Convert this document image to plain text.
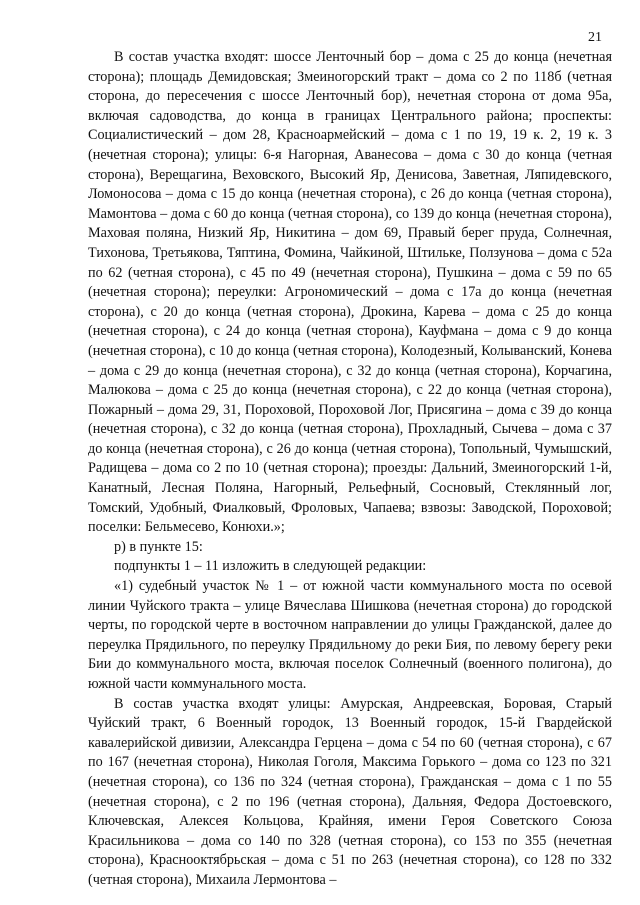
21

В состав участка входят: шоссе Ленточный бор – дома с 25 до конца (нечетная сторона); площадь Демидовская; Змеиногорский тракт – дома со 2 по 118б (четная сторона, до пересечения с шоссе Ленточный бор), нечетная сторона от дома 95а, включая садоводства, до конца в границах Центрального района; проспекты: Социалистический – дом 28, Красноармейский – дома с 1 по 19, 19 к. 2, 19 к. 3 (нечетная сторона); улицы: 6-я Нагорная, Аванесова – дома с 30 до конца (четная сторона), Верещагина, Веховского, Высокий Яр, Денисова, Заветная, Ляпидевского, Ломоносова – дома с 15 до конца (нечетная сторона), с 26 до конца (четная сторона), Мамонтова – дома с 60 до конца (четная сторона), со 139 до конца (нечетная сторона), Маховая поляна, Низкий Яр, Никитина – дом 69, Правый берег пруда, Солнечная, Тихонова, Третьякова, Тяптина, Фомина, Чайкиной, Штильке, Ползунова – дома с 52а по 62 (четная сторона), с 45 по 49 (нечетная сторона), Пушкина – дома с 59 по 65 (нечетная сторона); переулки: Агрономический – дома с 17а до конца (нечетная сторона), с 20 до конца (четная сторона), Дрокина, Карева – дома с 25 до конца (нечетная сторона), с 24 до конца (четная сторона), Кауфмана – дома с 9 до конца (нечетная сторона), с 10 до конца (четная сторона), Колодезный, Колыванский, Конева – дома с 29 до конца (нечетная сторона), с 32 до конца (четная сторона), Корчагина, Малюкова – дома с 25 до конца (нечетная сторона), с 22 до конца (четная сторона), Пожарный – дома 29, 31, Пороховой, Пороховой Лог, Присягина – дома с 39 до конца (нечетная сторона), с 32 до конца (четная сторона), Прохладный, Сычева – дома с 37 до конца (нечетная сторона), с 26 до конца (четная сторона), Топольный, Чумышский, Радищева – дома со 2 по 10 (четная сторона); проезды: Дальний, Змеиногорский 1-й, Канатный, Лесная Поляна, Нагорный, Рельефный, Сосновый, Стеклянный лог, Томский, Удобный, Фиалковый, Фроловых, Чапаева; взвозы: Заводской, Пороховой; поселки: Бельмесево, Конюхи.»;

р) в пункте 15:

подпункты 1 – 11 изложить в следующей редакции:

«1) судебный участок № 1 – от южной части коммунального моста по осевой линии Чуйского тракта – улице Вячеслава Шишкова (нечетная сторона) до городской черты, по городской черте в восточном направлении до улицы Гражданской, далее до переулка Прядильного, по переулку Прядильному до реки Бия, по левому берегу реки Бии до коммунального моста, включая поселок Солнечный (военного полигона), до южной части коммунального моста.

В состав участка входят улицы: Амурская, Андреевская, Боровая, Старый Чуйский тракт, 6 Военный городок, 13 Военный городок, 15-й Гвардейской кавалерийской дивизии, Александра Герцена – дома с 54 по 60 (четная сторона), с 67 по 167 (нечетная сторона), Николая Гоголя, Максима Горького – дома со 123 по 321 (нечетная сторона), со 136 по 324 (четная сторона), Гражданская – дома с 1 по 55 (нечетная сторона), с 2 по 196 (четная сторона), Дальняя, Федора Достоевского, Ключевская, Алексея Кольцова, Крайняя, имени Героя Советского Союза Красильникова – дома со 140 по 328 (четная сторона), со 153 по 355 (нечетная сторона), Краснооктябрьская – дома с 51 по 263 (нечетная сторона), со 128 по 332 (четная сторона), Михаила Лермонтова –
